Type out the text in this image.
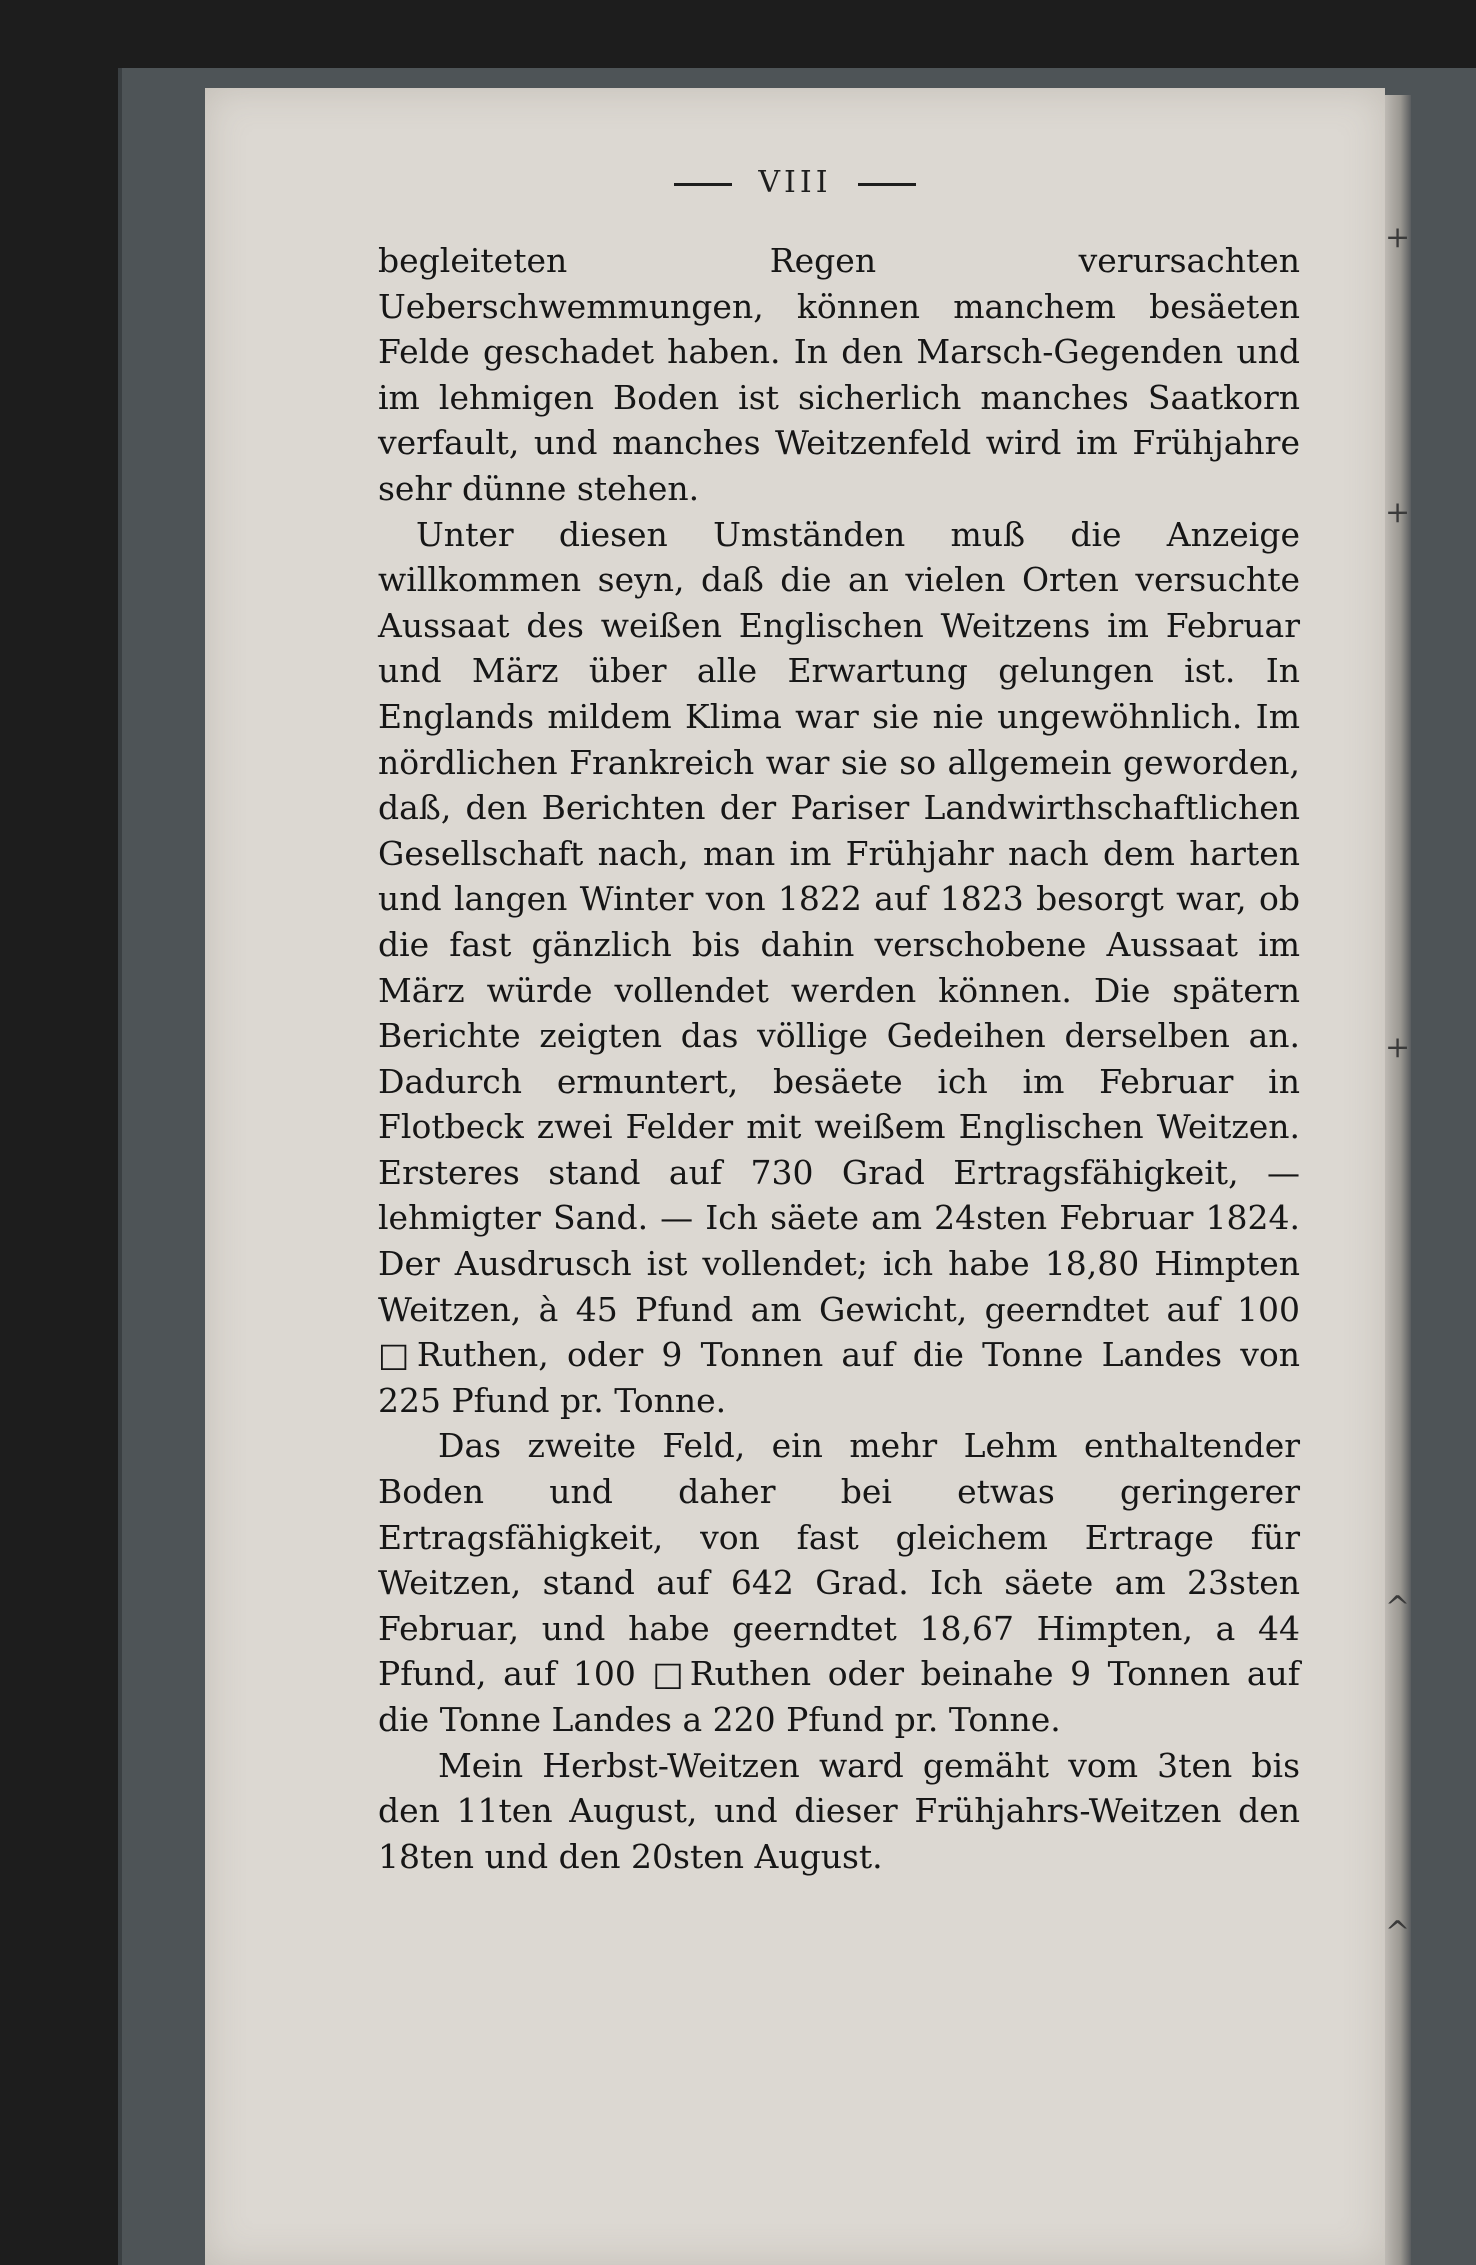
+
+
+
^
^
VIII

begleiteten Regen verursachten Ueberschwemmungen, können manchem besäeten Felde geschadet haben. In den Marsch-Gegenden und im lehmigen Boden ist sicherlich manches Saatkorn verfault, und manches Weitzenfeld wird im Frühjahre sehr dünne stehen.

Unter diesen Umständen muß die Anzeige willkommen seyn, daß die an vielen Orten versuchte Aussaat des weißen Englischen Weitzens im Februar und März über alle Erwartung gelungen ist. In Englands mildem Klima war sie nie ungewöhnlich. Im nördlichen Frankreich war sie so allgemein geworden, daß, den Berichten der Pariser Landwirthschaftlichen Gesellschaft nach, man im Frühjahr nach dem harten und langen Winter von 1822 auf 1823 besorgt war, ob die fast gänzlich bis dahin verschobene Aussaat im März würde vollendet werden können. Die spätern Berichte zeigten das völlige Gedeihen derselben an. Dadurch ermuntert, besäete ich im Februar in Flotbeck zwei Felder mit weißem Englischen Weitzen. Ersteres stand auf 730 Grad Ertragsfähigkeit, — lehmigter Sand. — Ich säete am 24sten Februar 1824. Der Ausdrusch ist vollendet; ich habe 18,80 Himpten Weitzen, à 45 Pfund am Gewicht, geerndtet auf 100 □Ruthen, oder 9 Tonnen auf die Tonne Landes von 225 Pfund pr. Tonne.

Das zweite Feld, ein mehr Lehm enthaltender Boden und daher bei etwas geringerer Ertragsfähigkeit, von fast gleichem Ertrage für Weitzen, stand auf 642 Grad. Ich säete am 23sten Februar, und habe geerndtet 18,67 Himpten, a 44 Pfund, auf 100 □Ruthen oder beinahe 9 Tonnen auf die Tonne Landes a 220 Pfund pr. Tonne.

Mein Herbst-Weitzen ward gemäht vom 3ten bis den 11ten August, und dieser Frühjahrs-Weitzen den 18ten und den 20sten August.
